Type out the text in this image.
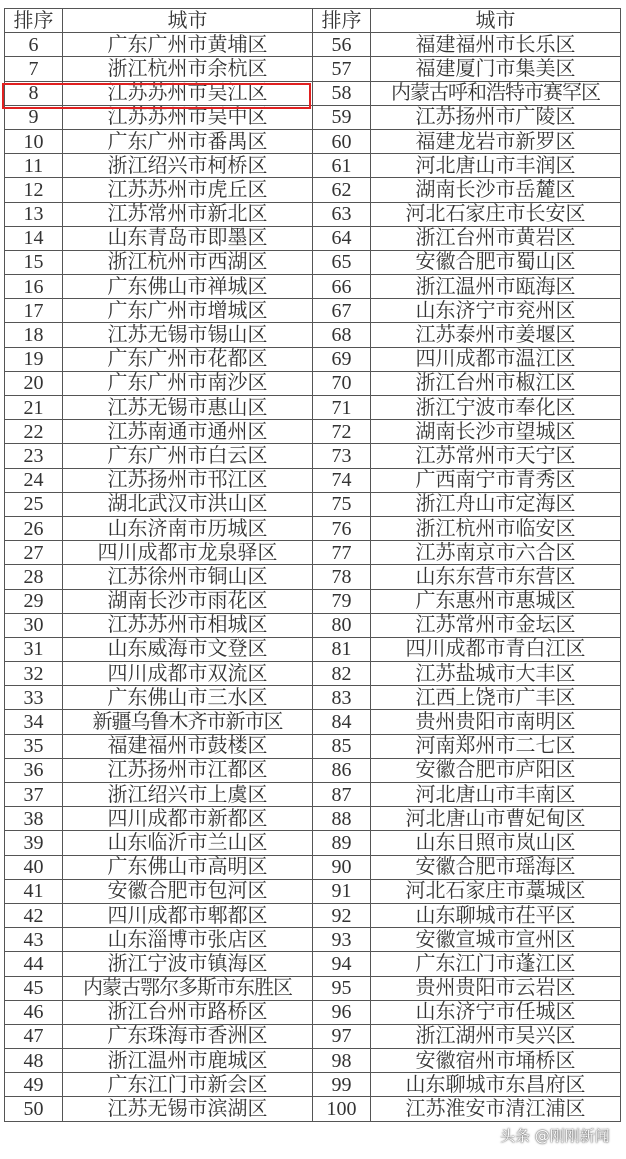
排序	城市	排序	城市
6	广东广州市黄埔区	56	福建福州市长乐区
7	浙江杭州市余杭区	57	福建厦门市集美区
8	江苏苏州市吴江区	58	内蒙古呼和浩特市赛罕区
9	江苏苏州市吴中区	59	江苏扬州市广陵区
10	广东广州市番禺区	60	福建龙岩市新罗区
11	浙江绍兴市柯桥区	61	河北唐山市丰润区
12	江苏苏州市虎丘区	62	湖南长沙市岳麓区
13	江苏常州市新北区	63	河北石家庄市长安区
14	山东青岛市即墨区	64	浙江台州市黄岩区
15	浙江杭州市西湖区	65	安徽合肥市蜀山区
16	广东佛山市禅城区	66	浙江温州市瓯海区
17	广东广州市增城区	67	山东济宁市兖州区
18	江苏无锡市锡山区	68	江苏泰州市姜堰区
19	广东广州市花都区	69	四川成都市温江区
20	广东广州市南沙区	70	浙江台州市椒江区
21	江苏无锡市惠山区	71	浙江宁波市奉化区
22	江苏南通市通州区	72	湖南长沙市望城区
23	广东广州市白云区	73	江苏常州市天宁区
24	江苏扬州市邗江区	74	广西南宁市青秀区
25	湖北武汉市洪山区	75	浙江舟山市定海区
26	山东济南市历城区	76	浙江杭州市临安区
27	四川成都市龙泉驿区	77	江苏南京市六合区
28	江苏徐州市铜山区	78	山东东营市东营区
29	湖南长沙市雨花区	79	广东惠州市惠城区
30	江苏苏州市相城区	80	江苏常州市金坛区
31	山东威海市文登区	81	四川成都市青白江区
32	四川成都市双流区	82	江苏盐城市大丰区
33	广东佛山市三水区	83	江西上饶市广丰区
34	新疆乌鲁木齐市新市区	84	贵州贵阳市南明区
35	福建福州市鼓楼区	85	河南郑州市二七区
36	江苏扬州市江都区	86	安徽合肥市庐阳区
37	浙江绍兴市上虞区	87	河北唐山市丰南区
38	四川成都市新都区	88	河北唐山市曹妃甸区
39	山东临沂市兰山区	89	山东日照市岚山区
40	广东佛山市高明区	90	安徽合肥市瑶海区
41	安徽合肥市包河区	91	河北石家庄市藁城区
42	四川成都市郫都区	92	山东聊城市茌平区
43	山东淄博市张店区	93	安徽宣城市宣州区
44	浙江宁波市镇海区	94	广东江门市蓬江区
45	内蒙古鄂尔多斯市东胜区	95	贵州贵阳市云岩区
46	浙江台州市路桥区	96	山东济宁市任城区
47	广东珠海市香洲区	97	浙江湖州市吴兴区
48	浙江温州市鹿城区	98	安徽宿州市埇桥区
49	广东江门市新会区	99	山东聊城市东昌府区
50	江苏无锡市滨湖区	100	江苏淮安市清江浦区
头条 @刚刚新闻
